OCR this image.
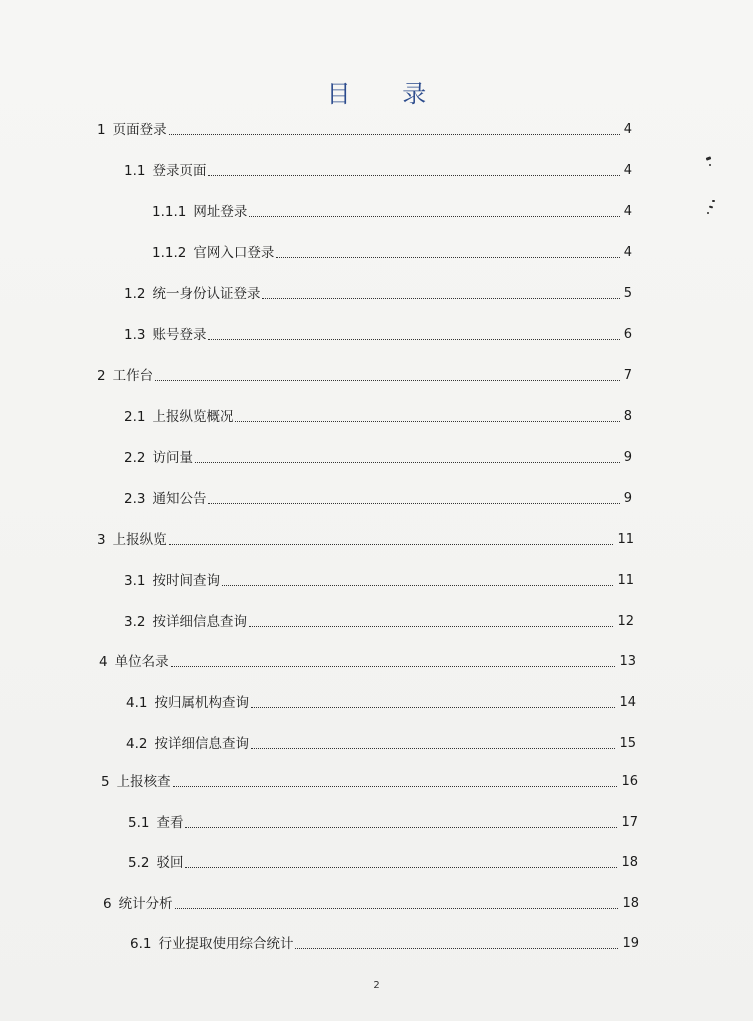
目 录
1 页面登录	4
1.1 登录页面	4
1.1.1 网址登录	4
1.1.2 官网入口登录	4
1.2 统一身份认证登录	5
1.3 账号登录	6
2 工作台	7
2.1 上报纵览概况	8
2.2 访问量	9
2.3 通知公告	9
3 上报纵览	11
3.1 按时间查询	11
3.2 按详细信息查询	12
4 单位名录	13
4.1 按归属机构查询	14
4.2 按详细信息查询	15
5 上报核查	16
5.1 查看	17
5.2 驳回	18
6 统计分析	18
6.1 行业提取使用综合统计	19
2
